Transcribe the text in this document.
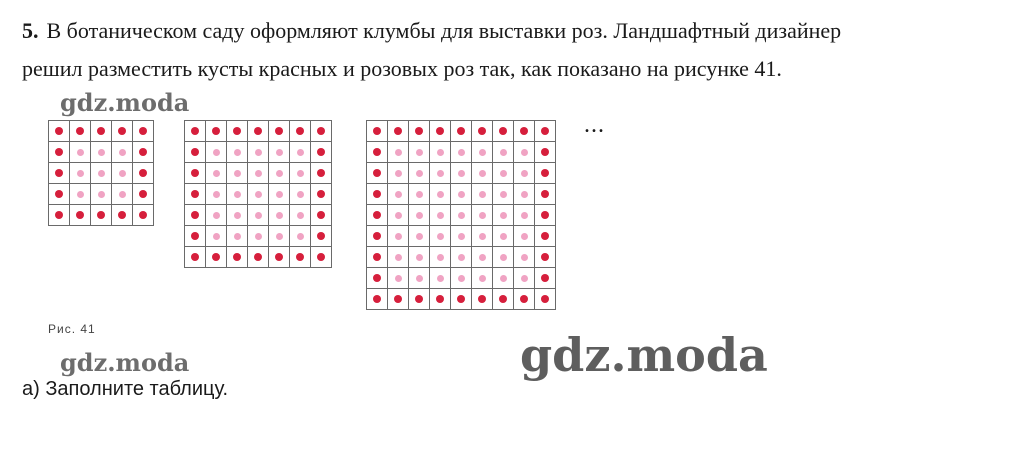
5. В ботаническом саду оформляют клумбы для выставки роз. Ландшафтный дизайнер
решил разместить кусты красных и розовых роз так, как показано на рисунке 41.
gdz.moda

...
Рис. 41
gdz.moda	gdz.moda
а) Заполните таблицу.
